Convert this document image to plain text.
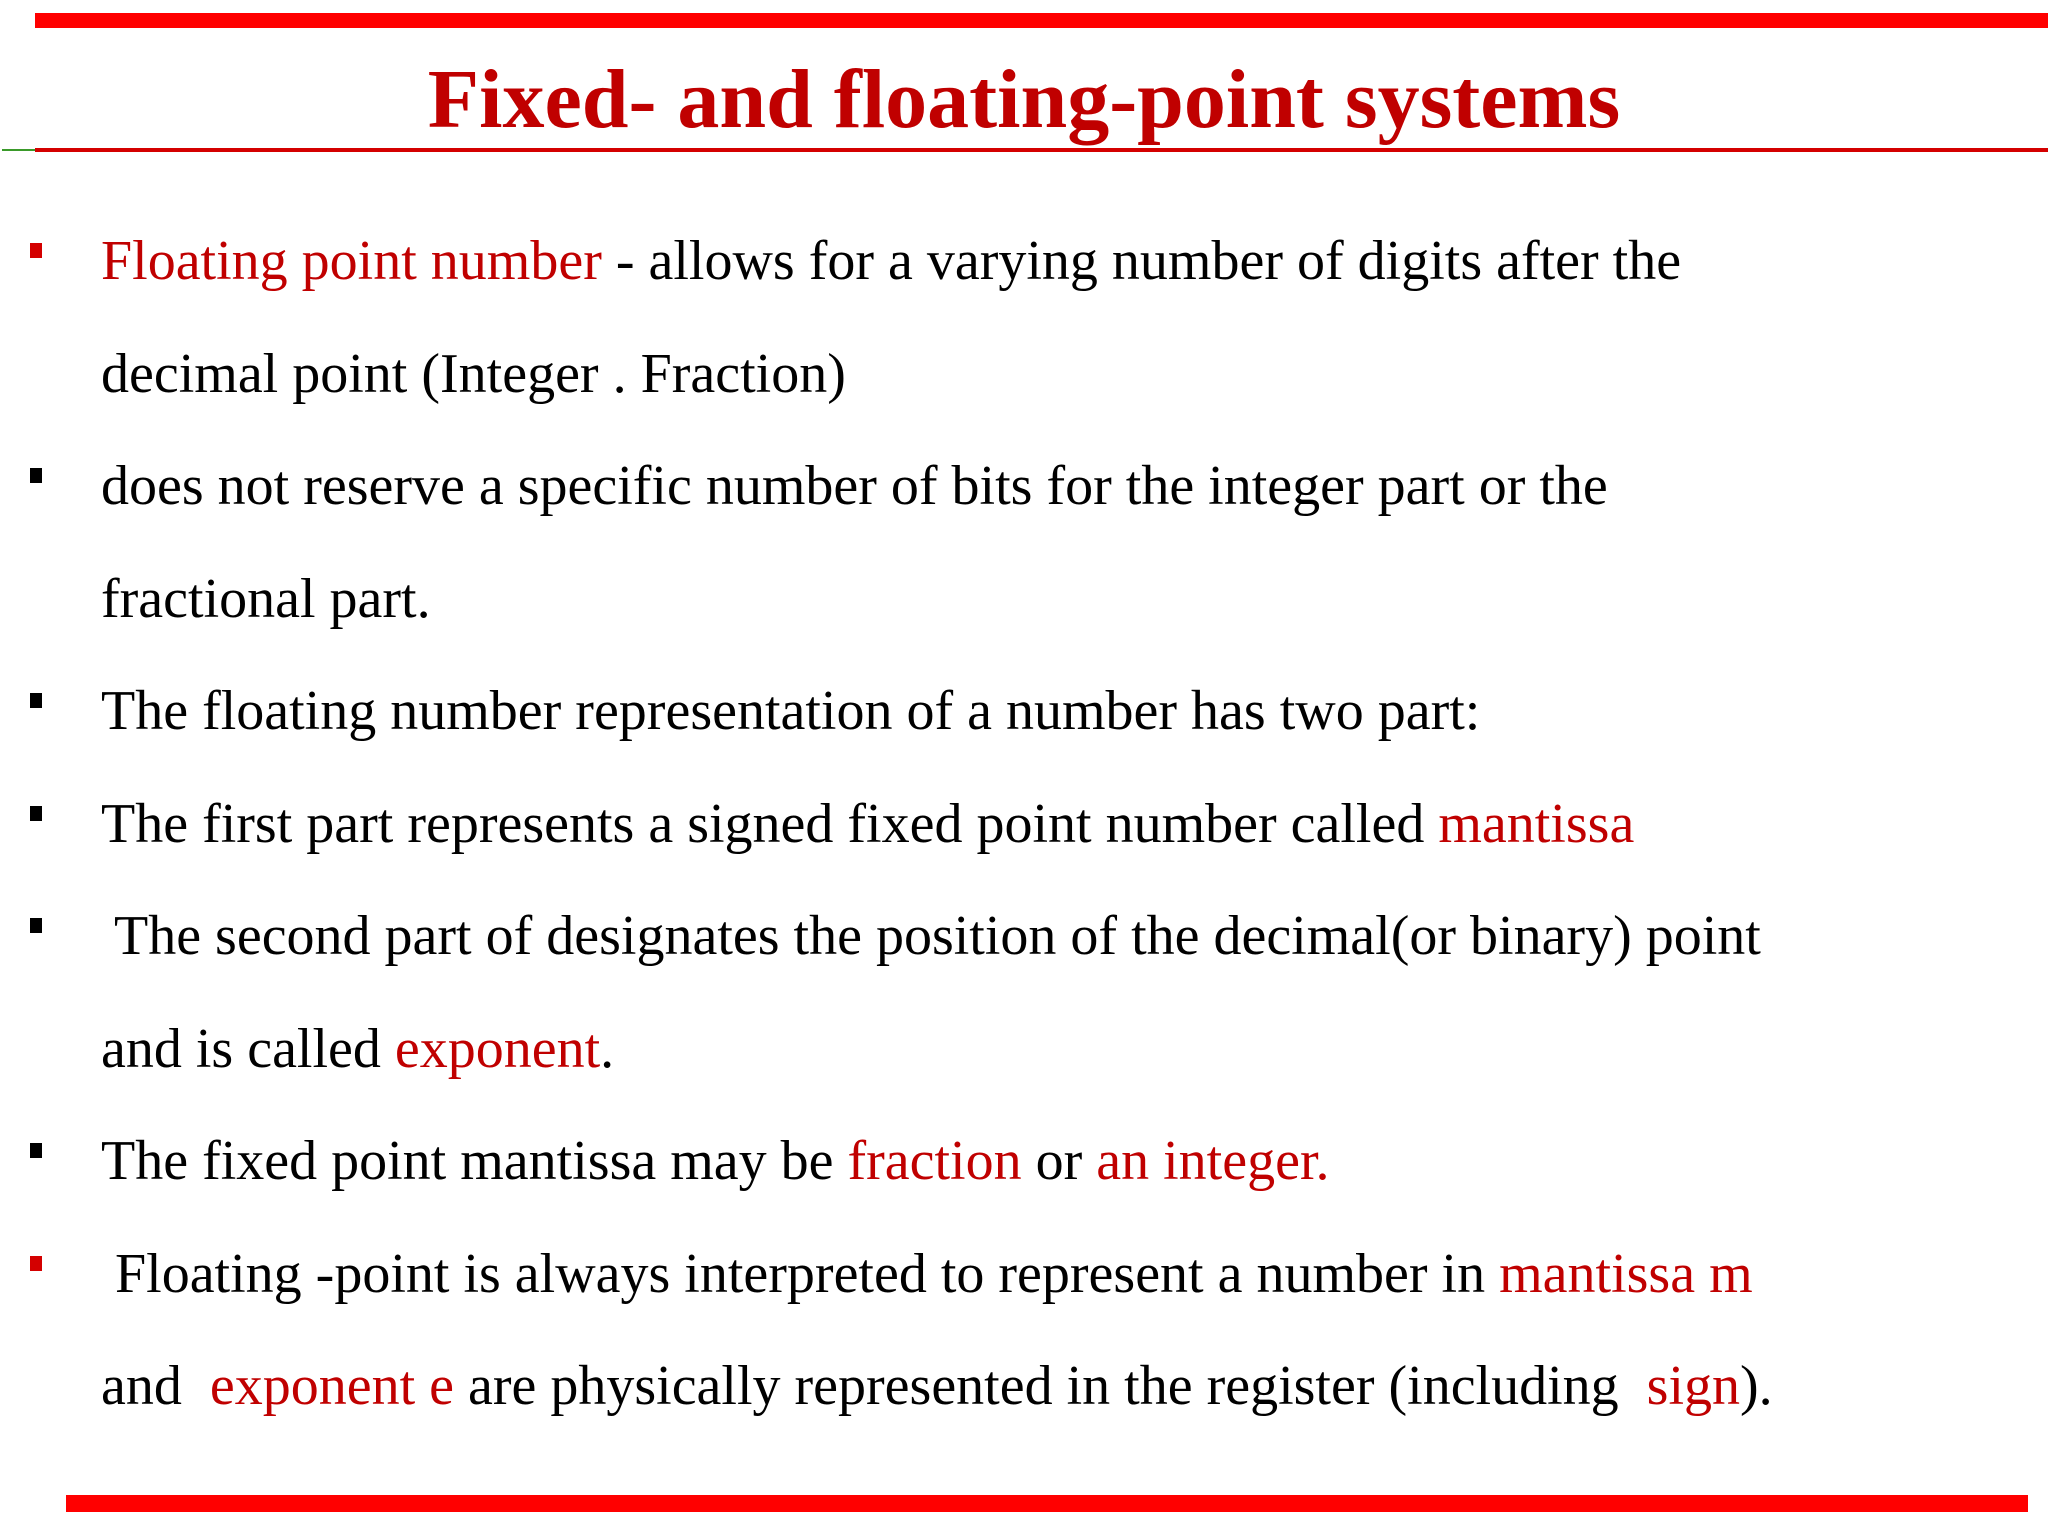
Fixed- and floating-point systems
Floating point number - allows for a varying number of digits after the
decimal point (Integer . Fraction)
does not reserve a specific number of bits for the integer part or the
fractional part.
The floating number representation of a number has two part:
The first part represents a signed fixed point number called mantissa
The second part of designates the position of the decimal(or binary) point
and is called exponent.
The fixed point mantissa may be fraction or an integer.
Floating -point is always interpreted to represent a number in mantissa m
and  exponent e are physically represented in the register (including  sign).
